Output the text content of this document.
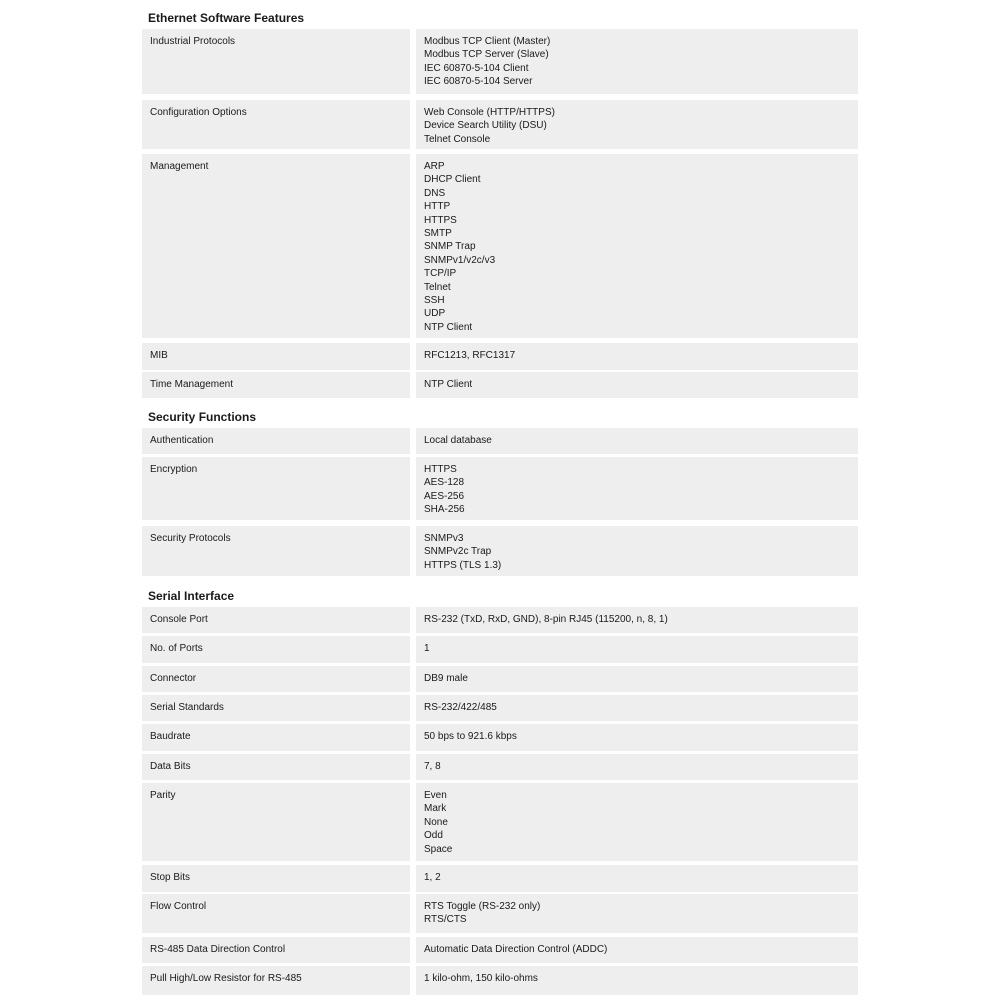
Ethernet Software Features
Industrial Protocols	Modbus TCP Client (Master)
Modbus TCP Server (Slave)
IEC 60870-5-104 Client
IEC 60870-5-104 Server
Configuration Options	Web Console (HTTP/HTTPS)
Device Search Utility (DSU)
Telnet Console
Management	ARP
DHCP Client
DNS
HTTP
HTTPS
SMTP
SNMP Trap
SNMPv1/v2c/v3
TCP/IP
Telnet
SSH
UDP
NTP Client
MIB	RFC1213, RFC1317
Time Management	NTP Client
Security Functions
Authentication	Local database
Encryption	HTTPS
AES-128
AES-256
SHA-256
Security Protocols	SNMPv3
SNMPv2c Trap
HTTPS (TLS 1.3)
Serial Interface
Console Port	RS-232 (TxD, RxD, GND), 8-pin RJ45 (115200, n, 8, 1)
No. of Ports	1
Connector	DB9 male
Serial Standards	RS-232/422/485
Baudrate	50 bps to 921.6 kbps
Data Bits	7, 8
Parity	Even
Mark
None
Odd
Space
Stop Bits	1, 2
Flow Control	RTS Toggle (RS-232 only)
RTS/CTS
RS-485 Data Direction Control	Automatic Data Direction Control (ADDC)
Pull High/Low Resistor for RS-485	1 kilo-ohm, 150 kilo-ohms
